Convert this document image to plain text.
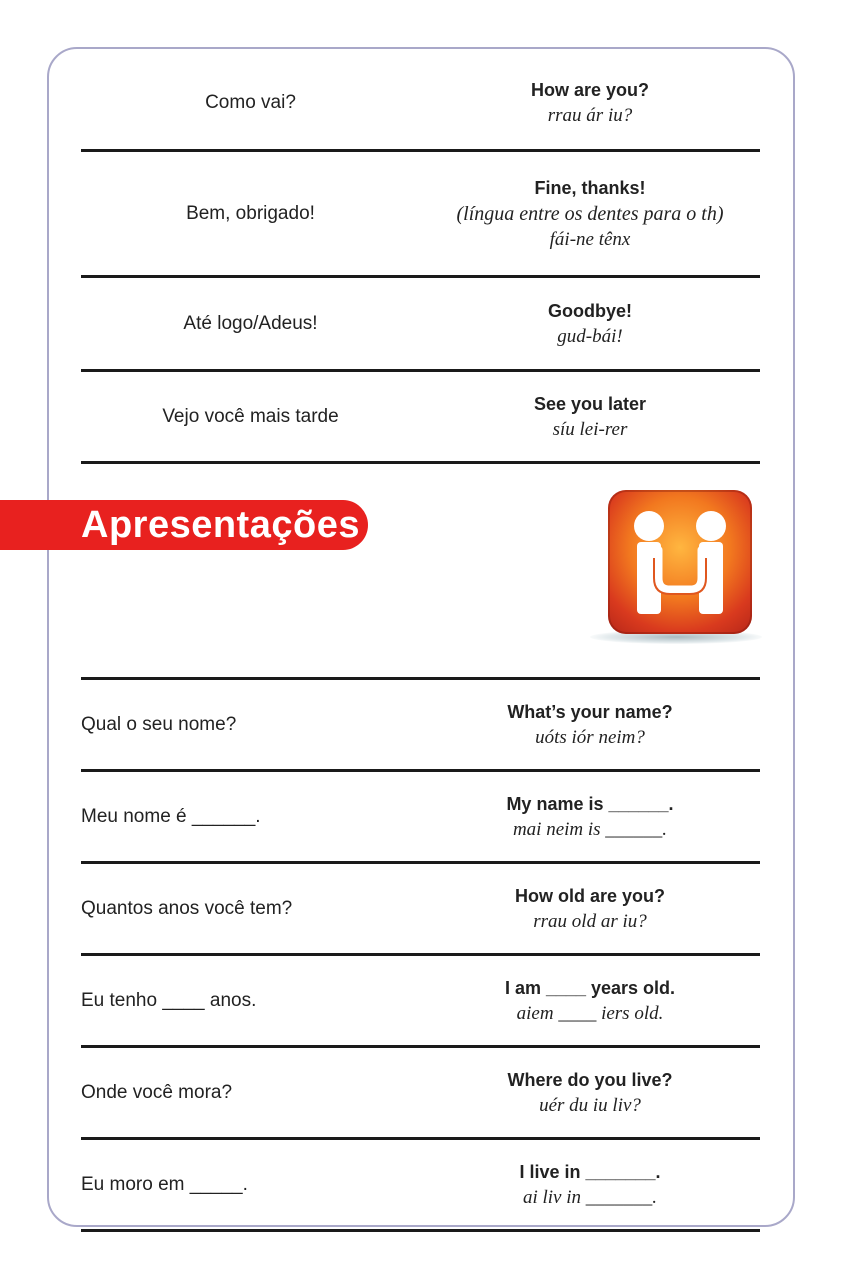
Como vai?
How are you?
rrau ár iu?
Bem, obrigado!
Fine, thanks!
(língua entre os dentes para o th)
fái-ne tênx
Até logo/Adeus!
Goodbye!
gud-bái!
Vejo você mais tarde
See you later
síu lei-rer
Apresentações
Qual o seu nome?
What’s your name?
uóts iór neim?
Meu nome é ______.
My name is ______.
mai neim is ______.
Quantos anos você tem?
How old are you?
rrau old ar iu?
Eu tenho ____ anos.
I am ____ years old.
aiem ____ iers old.
Onde você mora?
Where do you live?
uér du iu liv?
Eu moro em _____.
I live in _______.
ai liv in _______.
